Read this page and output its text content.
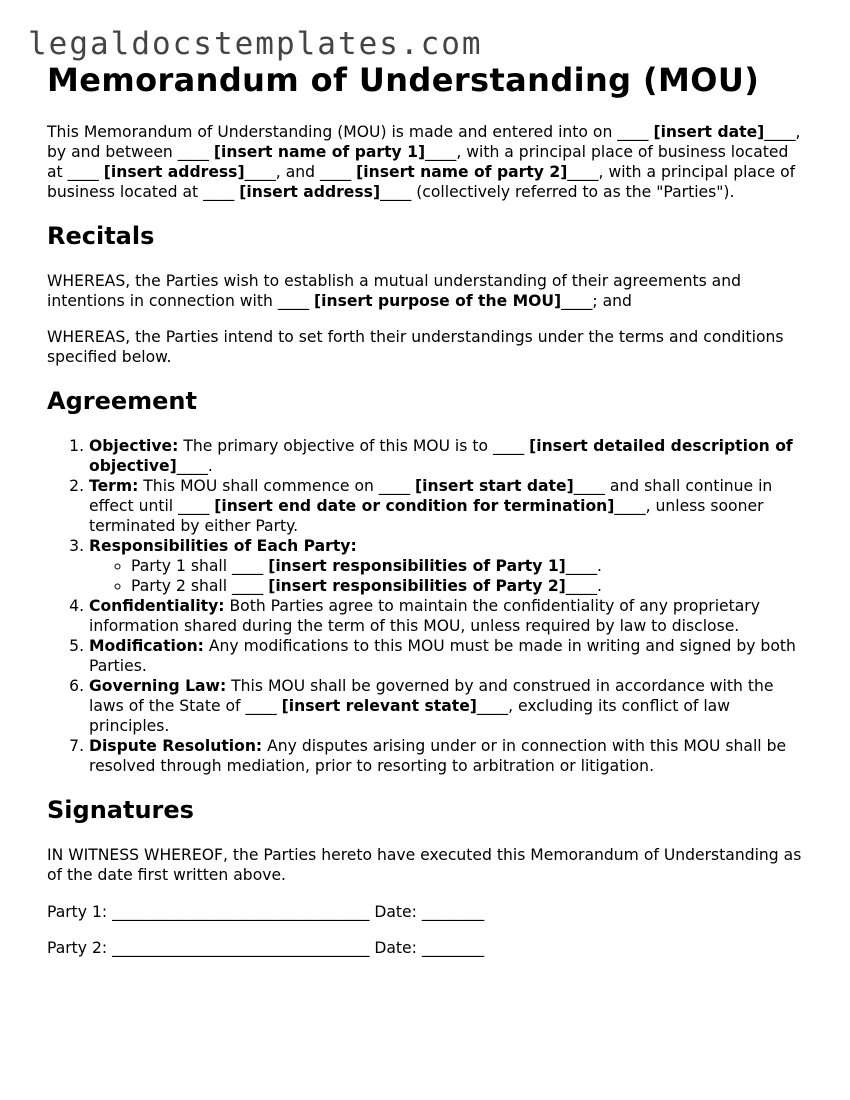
legaldocstemplates.com
Memorandum of Understanding (MOU)

This Memorandum of Understanding (MOU) is made and entered into on ____ [insert date]____, by and between ____ [insert name of party 1]____, with a principal place of business located at ____ [insert address]____, and ____ [insert name of party 2]____, with a principal place of business located at ____ [insert address]____ (collectively referred to as the "Parties").

Recitals

WHEREAS, the Parties wish to establish a mutual understanding of their agreements and intentions in connection with ____ [insert purpose of the MOU]____; and

WHEREAS, the Parties intend to set forth their understandings under the terms and conditions specified below.

Agreement
1. Objective: The primary objective of this MOU is to ____ [insert detailed description of objective]____.
2. Term: This MOU shall commence on ____ [insert start date]____ and shall continue in effect until ____ [insert end date or condition for termination]____, unless sooner terminated by either Party.
3. Responsibilities of Each Party:
◦ Party 1 shall ____ [insert responsibilities of Party 1]____.
◦ Party 2 shall ____ [insert responsibilities of Party 2]____.
4. Confidentiality: Both Parties agree to maintain the confidentiality of any proprietary information shared during the term of this MOU, unless required by law to disclose.
5. Modification: Any modifications to this MOU must be made in writing and signed by both Parties.
6. Governing Law: This MOU shall be governed by and construed in accordance with the laws of the State of ____ [insert relevant state]____, excluding its conflict of law principles.
7. Dispute Resolution: Any disputes arising under or in connection with this MOU shall be resolved through mediation, prior to resorting to arbitration or litigation.
Signatures

IN WITNESS WHEREOF, the Parties hereto have executed this Memorandum of Understanding as of the date first written above.

Party 1: _________________________________ Date: ________

Party 2: _________________________________ Date: ________
